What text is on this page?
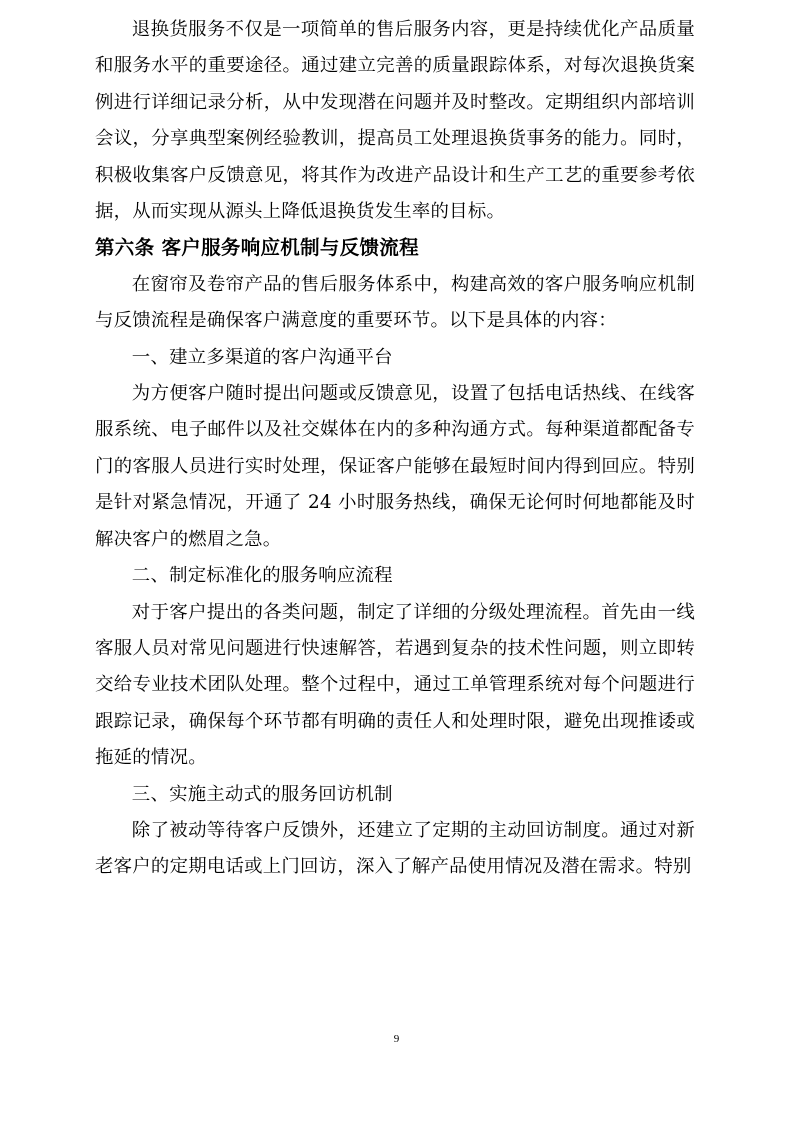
退换货服务不仅是一项简单的售后服务内容，更是持续优化产品质量和服务水平的重要途径。通过建立完善的质量跟踪体系，对每次退换货案例进行详细记录分析，从中发现潜在问题并及时整改。定期组织内部培训会议，分享典型案例经验教训，提高员工处理退换货事务的能力。同时，积极收集客户反馈意见，将其作为改进产品设计和生产工艺的重要参考依据，从而实现从源头上降低退换货发生率的目标。

第六条 客户服务响应机制与反馈流程

在窗帘及卷帘产品的售后服务体系中，构建高效的客户服务响应机制与反馈流程是确保客户满意度的重要环节。以下是具体的内容：

一、建立多渠道的客户沟通平台

为方便客户随时提出问题或反馈意见，设置了包括电话热线、在线客服系统、电子邮件以及社交媒体在内的多种沟通方式。每种渠道都配备专门的客服人员进行实时处理，保证客户能够在最短时间内得到回应。特别是针对紧急情况，开通了 24 小时服务热线，确保无论何时何地都能及时解决客户的燃眉之急。

二、制定标准化的服务响应流程

对于客户提出的各类问题，制定了详细的分级处理流程。首先由一线客服人员对常见问题进行快速解答，若遇到复杂的技术性问题，则立即转交给专业技术团队处理。整个过程中，通过工单管理系统对每个问题进行跟踪记录，确保每个环节都有明确的责任人和处理时限，避免出现推诿或拖延的情况。

三、实施主动式的服务回访机制

除了被动等待客户反馈外，还建立了定期的主动回访制度。通过对新老客户的定期电话或上门回访，深入了解产品使用情况及潜在需求。特别

9
